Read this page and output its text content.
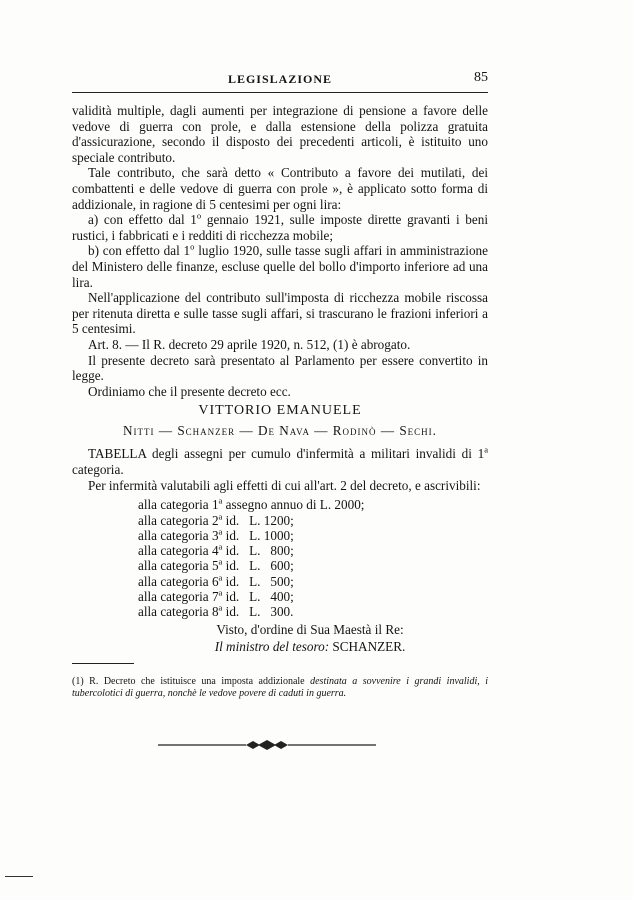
LEGISLAZIONE	85

validità multiple, dagli aumenti per integrazione di pensione a favore delle vedove di guerra con prole, e dalla estensione della polizza gratuita d'assicurazione, secondo il disposto dei precedenti articoli, è istituito uno speciale contributo.

Tale contributo, che sarà detto « Contributo a favore dei mutilati, dei combattenti e delle vedove di guerra con prole », è applicato sotto forma di addizionale, in ragione di 5 centesimi per ogni lira:

a) con effetto dal 1$^o$ gennaio 1921, sulle imposte dirette gravanti i beni rustici, i fabbricati e i redditi di ricchezza mobile;

b) con effetto dal 1$^o$ luglio 1920, sulle tasse sugli affari in amministrazione del Ministero delle finanze, escluse quelle del bollo d'importo inferiore ad una lira.

Nell'applicazione del contributo sull'imposta di ricchezza mobile riscossa per ritenuta diretta e sulle tasse sugli affari, si trascurano le frazioni inferiori a 5 centesimi.

Art. 8. — Il R. decreto 29 aprile 1920, n. 512, (1) è abrogato.

Il presente decreto sarà presentato al Parlamento per essere convertito in legge.

Ordiniamo che il presente decreto ecc.

VITTORIO EMANUELE

Nitti — Schanzer — De Nava — Rodinò — Sechi.

TABELLA degli assegni per cumulo d'infermità a militari invalidi di 1$^a$ categoria.

Per infermità valutabili agli effetti di cui all'art. 2 del decreto, e ascrivibili:

alla categoria 1$^a$ assegno annuo di L. 2000;
alla categoria 2$^a$ id.   L. 1200;
alla categoria 3$^a$ id.   L. 1000;
alla categoria 4$^a$ id.   L.   800;
alla categoria 5$^a$ id.   L.   600;
alla categoria 6$^a$ id.   L.   500;
alla categoria 7$^a$ id.   L.   400;
alla categoria 8$^a$ id.   L.   300.

Visto, d'ordine di Sua Maestà il Re:

Il ministro del tesoro: SCHANZER.

(1) R. Decreto che istituisce una imposta addizionale destinata a sovvenire i grandi invalidi, i tubercolotici di guerra, nonchè le vedove povere di caduti in guerra.
